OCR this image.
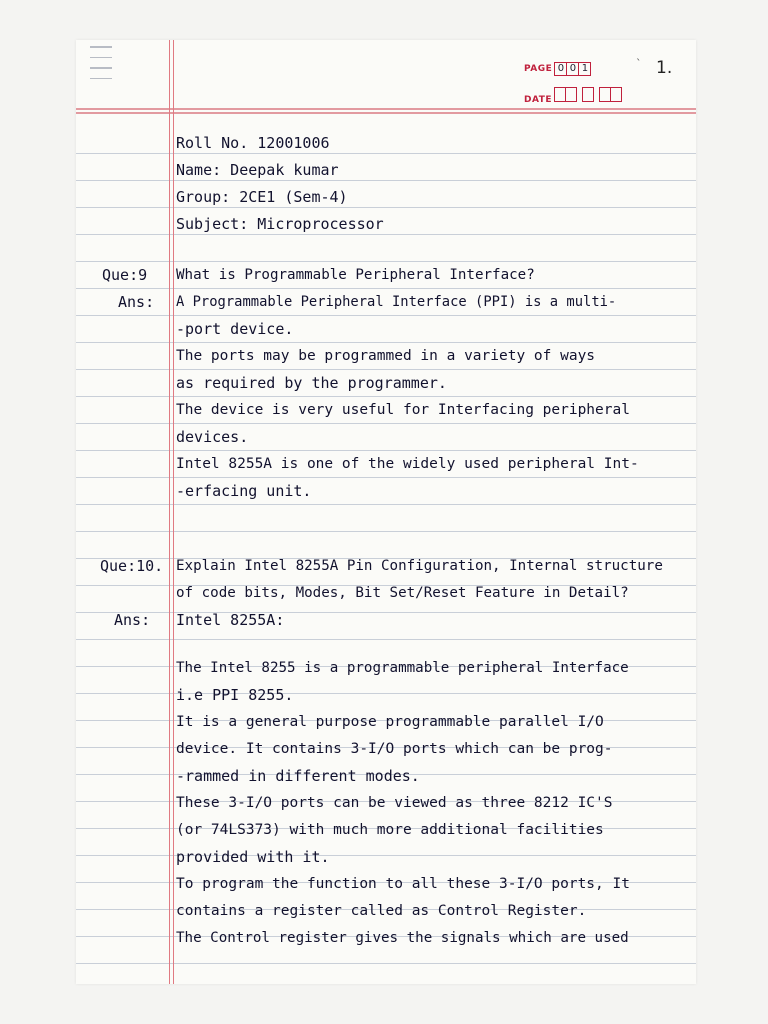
PAGE 0 0 1
DATE
ˋ 1.
Roll No. 12001006
Name: Deepak kumar
Group: 2CE1 (Sem-4)
Subject: Microprocessor
Que:9 What is Programmable Peripheral Interface?
Ans: A Programmable Peripheral Interface (PPI) is a multi-
-port device.
The ports may be programmed in a variety of ways
as required by the programmer.
The device is very useful for Interfacing peripheral
devices.
Intel 8255A is one of the widely used peripheral Int-
-erfacing unit.
Que:10. Explain Intel 8255A Pin Configuration, Internal structure
of code bits, Modes, Bit Set/Reset Feature in Detail?
Ans: Intel 8255A:
The Intel 8255 is a programmable peripheral Interface
i.e PPI 8255.
It is a general purpose programmable parallel I/O
device. It contains 3-I/O ports which can be prog-
-rammed in different modes.
These 3-I/O ports can be viewed as three 8212 IC'S
(or 74LS373) with much more additional facilities
provided with it.
To program the function to all these 3-I/O ports, It
contains a register called as Control Register.
The Control register gives the signals which are used
